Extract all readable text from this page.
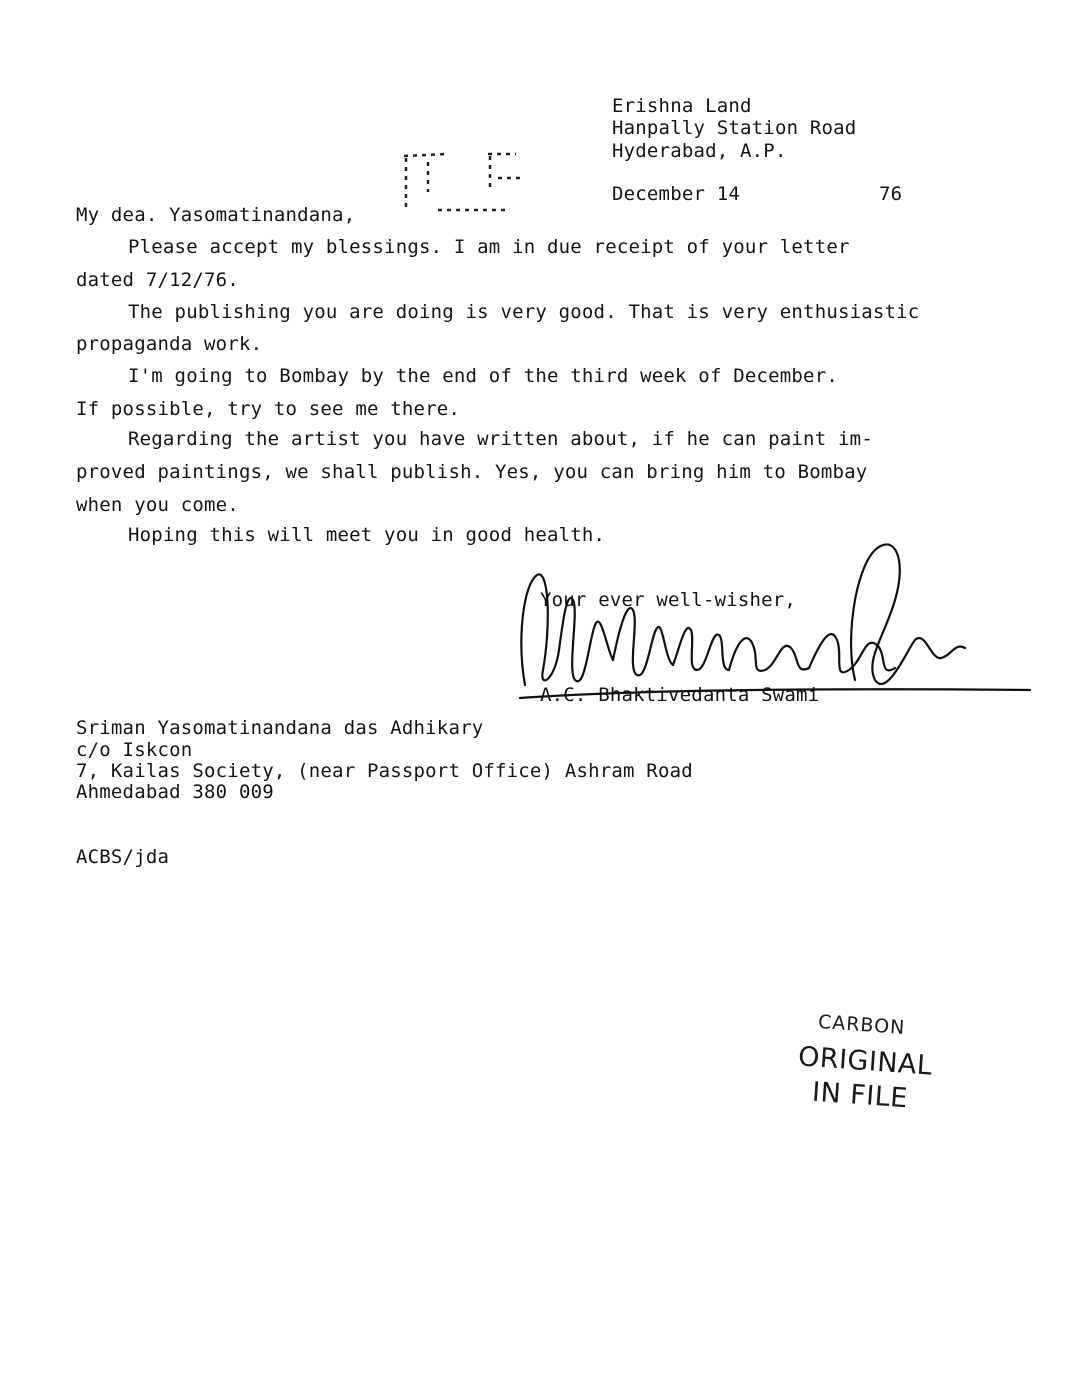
Erishna Land
Hanpally Station Road
Hyderabad, A.P.
December 14	76
My dea. Yasomatinandana,
Please accept my blessings. I am in due receipt of your letter
dated 7/12/76.
The publishing you are doing is very good. That is very enthusiastic
propaganda work.
I'm going to Bombay by the end of the third week of December.
If possible, try to see me there.
Regarding the artist you have written about, if he can paint im-
proved paintings, we shall publish. Yes, you can bring him to Bombay
when you come.
Hoping this will meet you in good health.
Your ever well-wisher,
A.C. Bhaktivedanta Swami
Sriman Yasomatinandana das Adhikary
c/o Iskcon
7, Kailas Society, (near Passport Office) Ashram Road
Ahmedabad 380 009
ACBS/jda
CARBON
ORIGINAL
IN FILE
